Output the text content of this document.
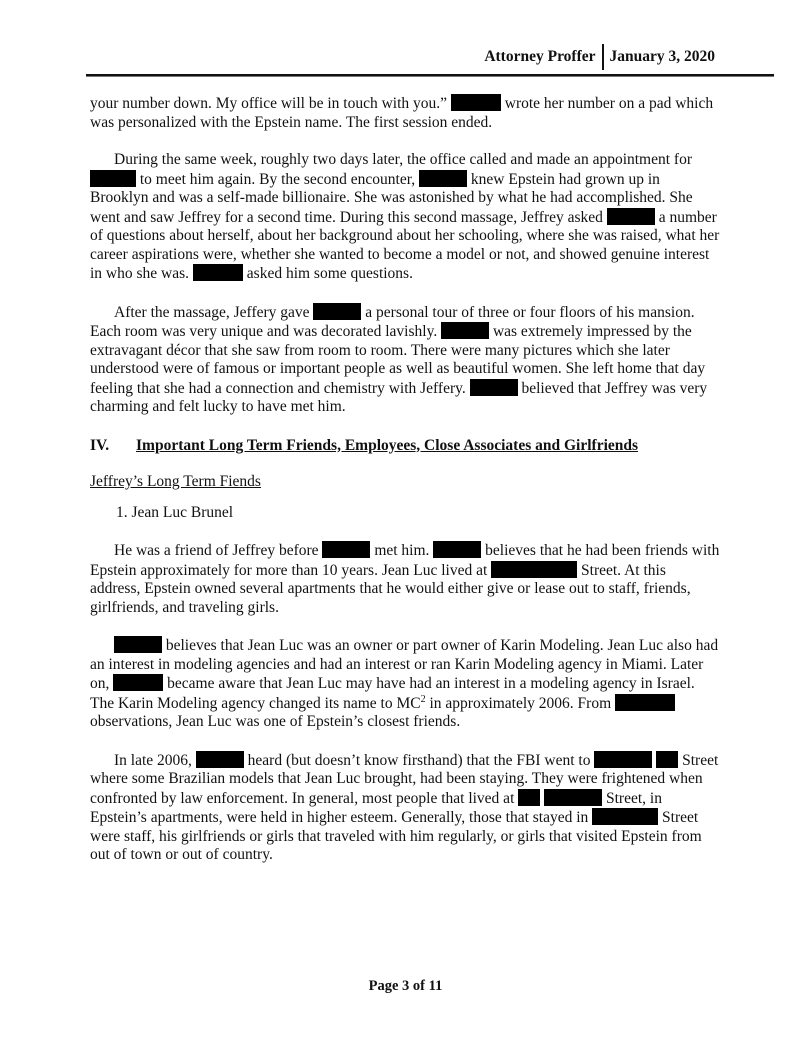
Attorney Proffer January 3, 2020

your number down. My office will be in touch with you.”	wrote her number on a pad which was personalized with the Epstein name. The first session ended.

During the same week, roughly two days later, the office called and made an appointment for  to meet him again. By the second encounter,	knew Epstein had grown up in Brooklyn and was a self-made billionaire. She was astonished by what he had accomplished. She went and saw Jeffrey for a second time. During this second massage, Jeffrey asked	a number of questions about herself, about her background about her schooling, where she was raised, what her career aspirations were, whether she wanted to become a model or not, and showed genuine interest in who she was.	asked him some questions.

After the massage, Jeffery gave	a personal tour of three or four floors of his mansion. Each room was very unique and was decorated lavishly.	was extremely impressed by the extravagant décor that she saw from room to room. There were many pictures which she later understood were of famous or important people as well as beautiful women. She left home that day feeling that she had a connection and chemistry with Jeffery.	believed that Jeffrey was very charming and felt lucky to have met him.

IV. Important Long Term Friends, Employees, Close Associates and Girlfriends
Jeffrey’s Long Term Fiends
1. Jean Luc Brunel

He was a friend of Jeffrey before	met him.	believes that he had been friends with Epstein approximately for more than 10 years. Jean Luc lived at	Street. At this address, Epstein owned several apartments that he would either give or lease out to staff, friends, girlfriends, and traveling girls.

believes that Jean Luc was an owner or part owner of Karin Modeling. Jean Luc also had an interest in modeling agencies and had an interest or ran Karin Modeling agency in Miami. Later on,	became aware that Jean Luc may have had an interest in a modeling agency in Israel. The Karin Modeling agency changed its name to $MC^2$ in approximately 2006. From  observations, Jean Luc was one of Epstein’s closest friends.

In late 2006,	heard (but doesn’t know firsthand) that the FBI went to	Street where some Brazilian models that Jean Luc brought, had been staying. They were frightened when confronted by law enforcement. In general, most people that lived at	Street, in Epstein’s apartments, were held in higher esteem. Generally, those that stayed in	Street were staff, his girlfriends or girls that traveled with him regularly, or girls that visited Epstein from out of town or out of country.

Page 3 of 11
